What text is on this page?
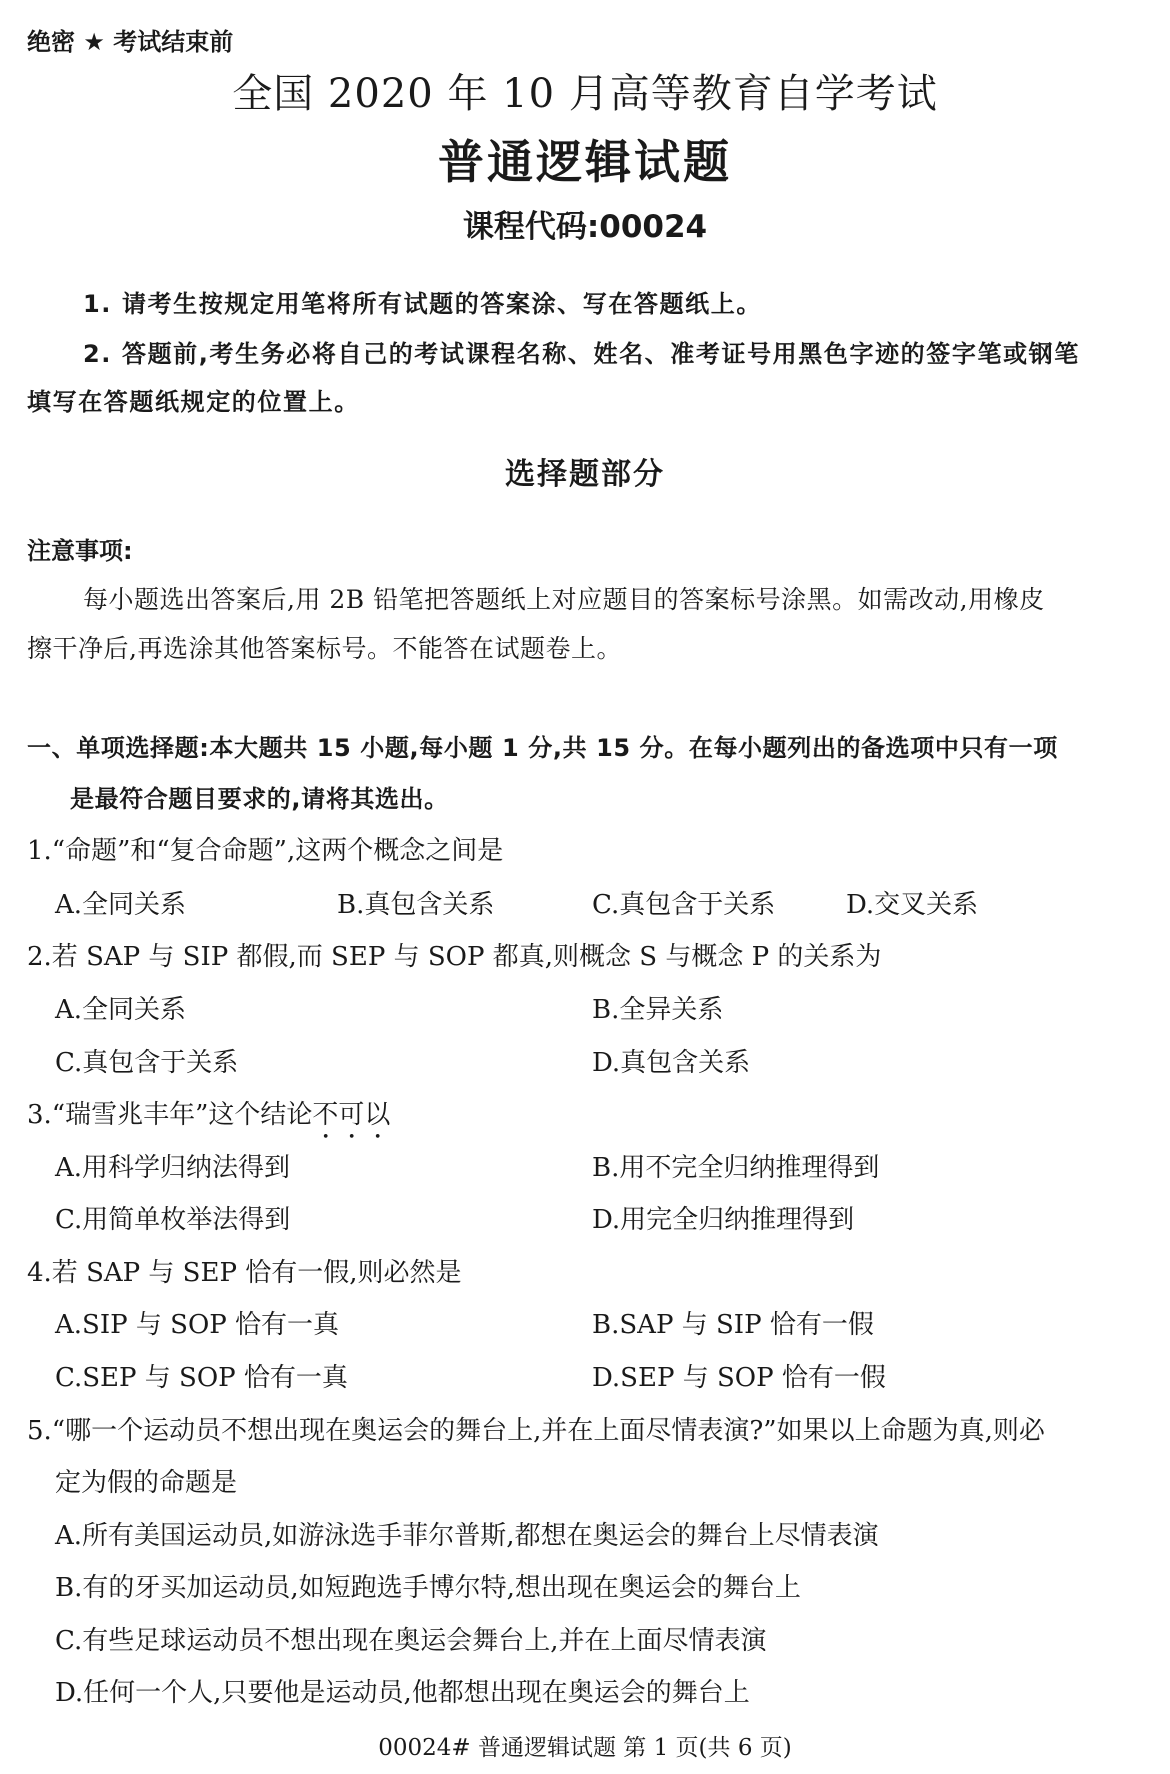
绝密 ★ 考试结束前
全国 2020 年 10 月高等教育自学考试
普通逻辑试题
课程代码:00024
1. 请考生按规定用笔将所有试题的答案涂、写在答题纸上。
2. 答题前,考生务必将自己的考试课程名称、姓名、准考证号用黑色字迹的签字笔或钢笔
填写在答题纸规定的位置上。
选择题部分
注意事项:
每小题选出答案后,用 2B 铅笔把答题纸上对应题目的答案标号涂黑。如需改动,用橡皮
擦干净后,再选涂其他答案标号。不能答在试题卷上。
一、单项选择题:本大题共 15 小题,每小题 1 分,共 15 分。在每小题列出的备选项中只有一项
是最符合题目要求的,请将其选出。
1.“命题”和“复合命题”,这两个概念之间是
A.全同关系	B.真包含关系	C.真包含于关系	D.交叉关系
2.若 SAP 与 SIP 都假,而 SEP 与 SOP 都真,则概念 S 与概念 P 的关系为
A.全同关系	B.全异关系
C.真包含于关系	D.真包含关系
3.“瑞雪兆丰年”这个结论不可以
A.用科学归纳法得到	B.用不完全归纳推理得到
C.用简单枚举法得到	D.用完全归纳推理得到
4.若 SAP 与 SEP 恰有一假,则必然是
A.SIP 与 SOP 恰有一真	B.SAP 与 SIP 恰有一假
C.SEP 与 SOP 恰有一真	D.SEP 与 SOP 恰有一假
5.“哪一个运动员不想出现在奥运会的舞台上,并在上面尽情表演?”如果以上命题为真,则必
定为假的命题是
A.所有美国运动员,如游泳选手菲尔普斯,都想在奥运会的舞台上尽情表演
B.有的牙买加运动员,如短跑选手博尔特,想出现在奥运会的舞台上
C.有些足球运动员不想出现在奥运会舞台上,并在上面尽情表演
D.任何一个人,只要他是运动员,他都想出现在奥运会的舞台上
00024# 普通逻辑试题 第 1 页(共 6 页)
